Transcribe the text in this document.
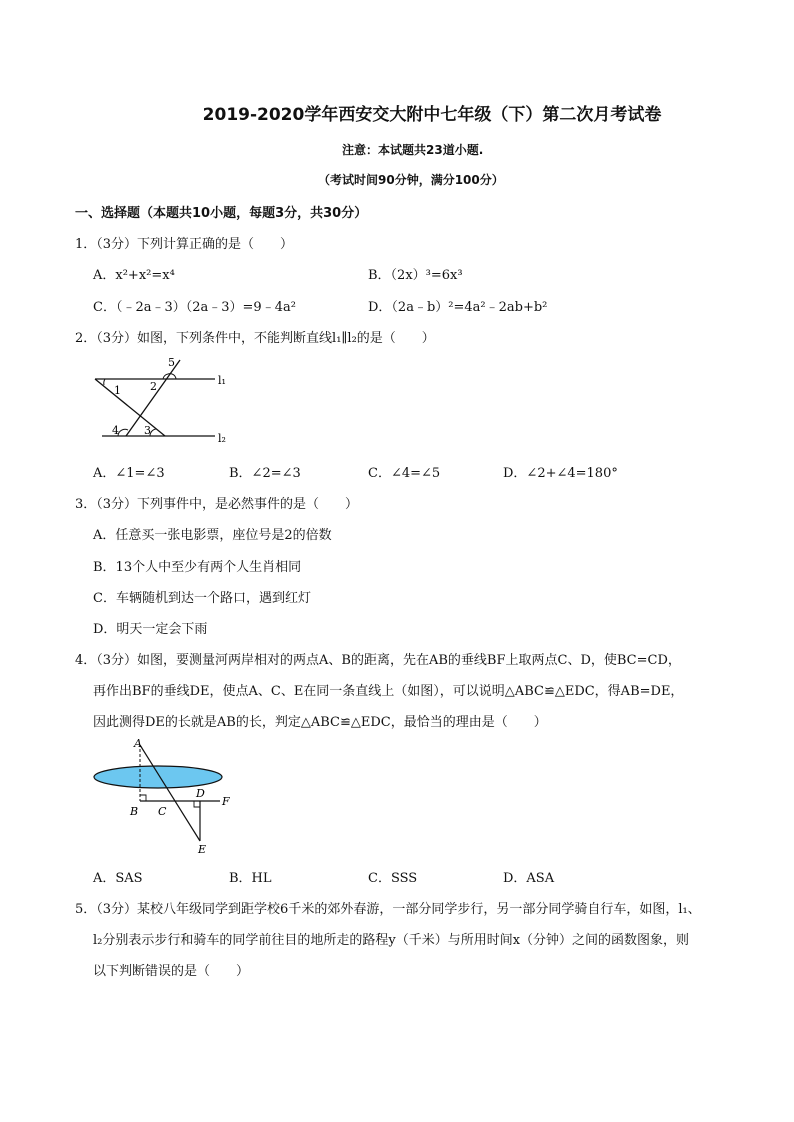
2019-2020学年西安交大附中七年级（下）第二次月考试卷
注意：本试题共23道小题.
（考试时间90分钟，满分100分）
一、选择题（本题共10小题，每题3分，共30分）
1．（3分）下列计算正确的是（　　）
A．x²+x²=x⁴	B．（2x）³=6x³
C．（﹣2a﹣3）（2a﹣3）=9﹣4a²	D．（2a﹣b）²=4a²﹣2ab+b²
2．（3分）如图，下列条件中，不能判断直线l₁∥l₂的是（　　）
1	2
3
4
5
l₁
l₂
A．∠1=∠3	B．∠2=∠3	C．∠4=∠5	D．∠2+∠4=180°
3．（3分）下列事件中，是必然事件的是（　　）
A．任意买一张电影票，座位号是2的倍数
B．13个人中至少有两个人生肖相同
C．车辆随机到达一个路口，遇到红灯
D．明天一定会下雨
4．（3分）如图，要测量河两岸相对的两点A、B的距离，先在AB的垂线BF上取两点C、D，使BC=CD，
再作出BF的垂线DE，使点A、C、E在同一条直线上（如图），可以说明△ABC≌△EDC，得AB=DE，
因此测得DE的长就是AB的长，判定△ABC≌△EDC，最恰当的理由是（　　）
A
B C
D
E
F
A．SAS	B．HL	C．SSS	D．ASA
5．（3分）某校八年级同学到距学校6千米的郊外春游，一部分同学步行，另一部分同学骑自行车，如图，l₁、
l₂分别表示步行和骑车的同学前往目的地所走的路程y（千米）与所用时间x（分钟）之间的函数图象，则
以下判断错误的是（　　）
